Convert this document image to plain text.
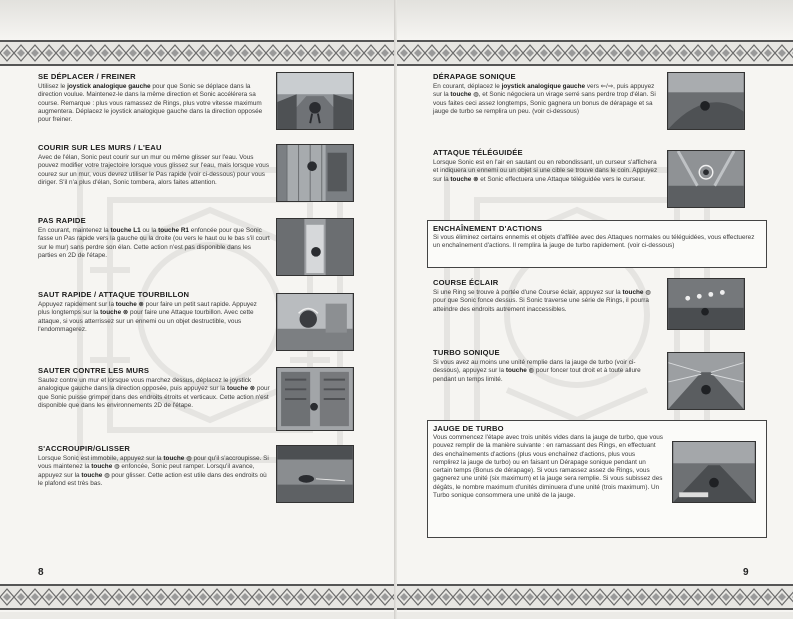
SE DÉPLACER / FREINER
Utilisez le joystick analogique gauche pour que Sonic se déplace dans la direction voulue. Maintenez-le dans la même direction et Sonic accélérera sa course. Remarque : plus vous ramassez de Rings, plus votre vitesse maximum augmentera. Déplacez le joystick analogique gauche dans la direction opposée pour freiner.
COURIR SUR LES MURS / L'EAU
Avec de l'élan, Sonic peut courir sur un mur ou même glisser sur l'eau. Vous pouvez modifier votre trajectoire lorsque vous glissez sur l'eau, mais lorsque vous courez sur un mur, vous devrez utiliser le Pas rapide (voir ci-dessous) pour vous diriger. S'il n'a plus d'élan, Sonic tombera, alors faites attention.
PAS RAPIDE
En courant, maintenez la touche L1 ou la touche R1 enfoncée pour que Sonic fasse un Pas rapide vers la gauche ou la droite (ou vers le haut ou le bas s'il court sur le mur) sans perdre son élan. Cette action n'est pas disponible dans les parties en 2D de l'étape.
SAUT RAPIDE / ATTAQUE TOURBILLON
Appuyez rapidement sur la touche ⊗ pour faire un petit saut rapide. Appuyez plus longtemps sur la touche ⊗ pour faire une Attaque tourbillon. Avec cette attaque, si vous atterrissez sur un ennemi ou un objet destructible, vous l'endommagerez.
SAUTER CONTRE LES MURS
Sautez contre un mur et lorsque vous marchez dessus, déplacez le joystick analogique gauche dans la direction opposée, puis appuyez sur la touche ⊗ pour que Sonic puisse grimper dans des endroits étroits et verticaux. Cette action n'est disponible que dans les environnements 2D de l'étape.
S'ACCROUPIR/GLISSER
Lorsque Sonic est immobile, appuyez sur la touche ◍ pour qu'il s'accroupisse. Si vous maintenez la touche ◍ enfoncée, Sonic peut ramper. Lorsqu'il avance, appuyez sur la touche ◍ pour glisser. Cette action est utile dans des endroits où le plafond est très bas.
8
DÉRAPAGE SONIQUE
En courant, déplacez le joystick analogique gauche vers ⇐/⇒, puis appuyez sur la touche ◍, et Sonic négociera un virage serré sans perdre trop d'élan. Si vous faites ceci assez longtemps, Sonic gagnera un bonus de dérapage et sa jauge de turbo se remplira un peu. (voir ci-dessous)
ATTAQUE TÉLÉGUIDÉE
Lorsque Sonic est en l'air en sautant ou en rebondissant, un curseur s'affichera et indiquera un ennemi ou un objet si une cible se trouve dans le coin. Appuyez sur la touche ⊗ et Sonic effectuera une Attaque téléguidée vers le curseur.
ENCHAÎNEMENT D'ACTIONS
Si vous éliminez certains ennemis et objets d'affilée avec des Attaques normales ou téléguidées, vous effectuerez un enchaînement d'actions. Il remplira la jauge de turbo rapidement. (voir ci-dessous)
COURSE ÉCLAIR
Si une Ring se trouve à portée d'une Course éclair, appuyez sur la touche ◍ pour que Sonic fonce dessus. Si Sonic traverse une série de Rings, il pourra atteindre des endroits autrement inaccessibles.
TURBO SONIQUE
Si vous avez au moins une unité remplie dans la jauge de turbo (voir ci-dessous), appuyez sur la touche ◍ pour foncer tout droit et à toute allure pendant un temps limité.
JAUGE DE TURBO
Vous commencez l'étape avec trois unités vides dans la jauge de turbo, que vous pouvez remplir de la manière suivante : en ramassant des Rings, en effectuant des enchaînements d'actions (plus vous enchaînez d'actions, plus vous remplirez la jauge de turbo) ou en faisant un Dérapage sonique pendant un certain temps (Bonus de dérapage). Si vous ramassez assez de Rings, vous gagnerez une unité (six maximum) et la jauge sera remplie. Si vous subissez des dégâts, le nombre maximum d'unités diminuera d'une unité (trois maximum). Un Turbo sonique consommera une unité de la jauge.
9
